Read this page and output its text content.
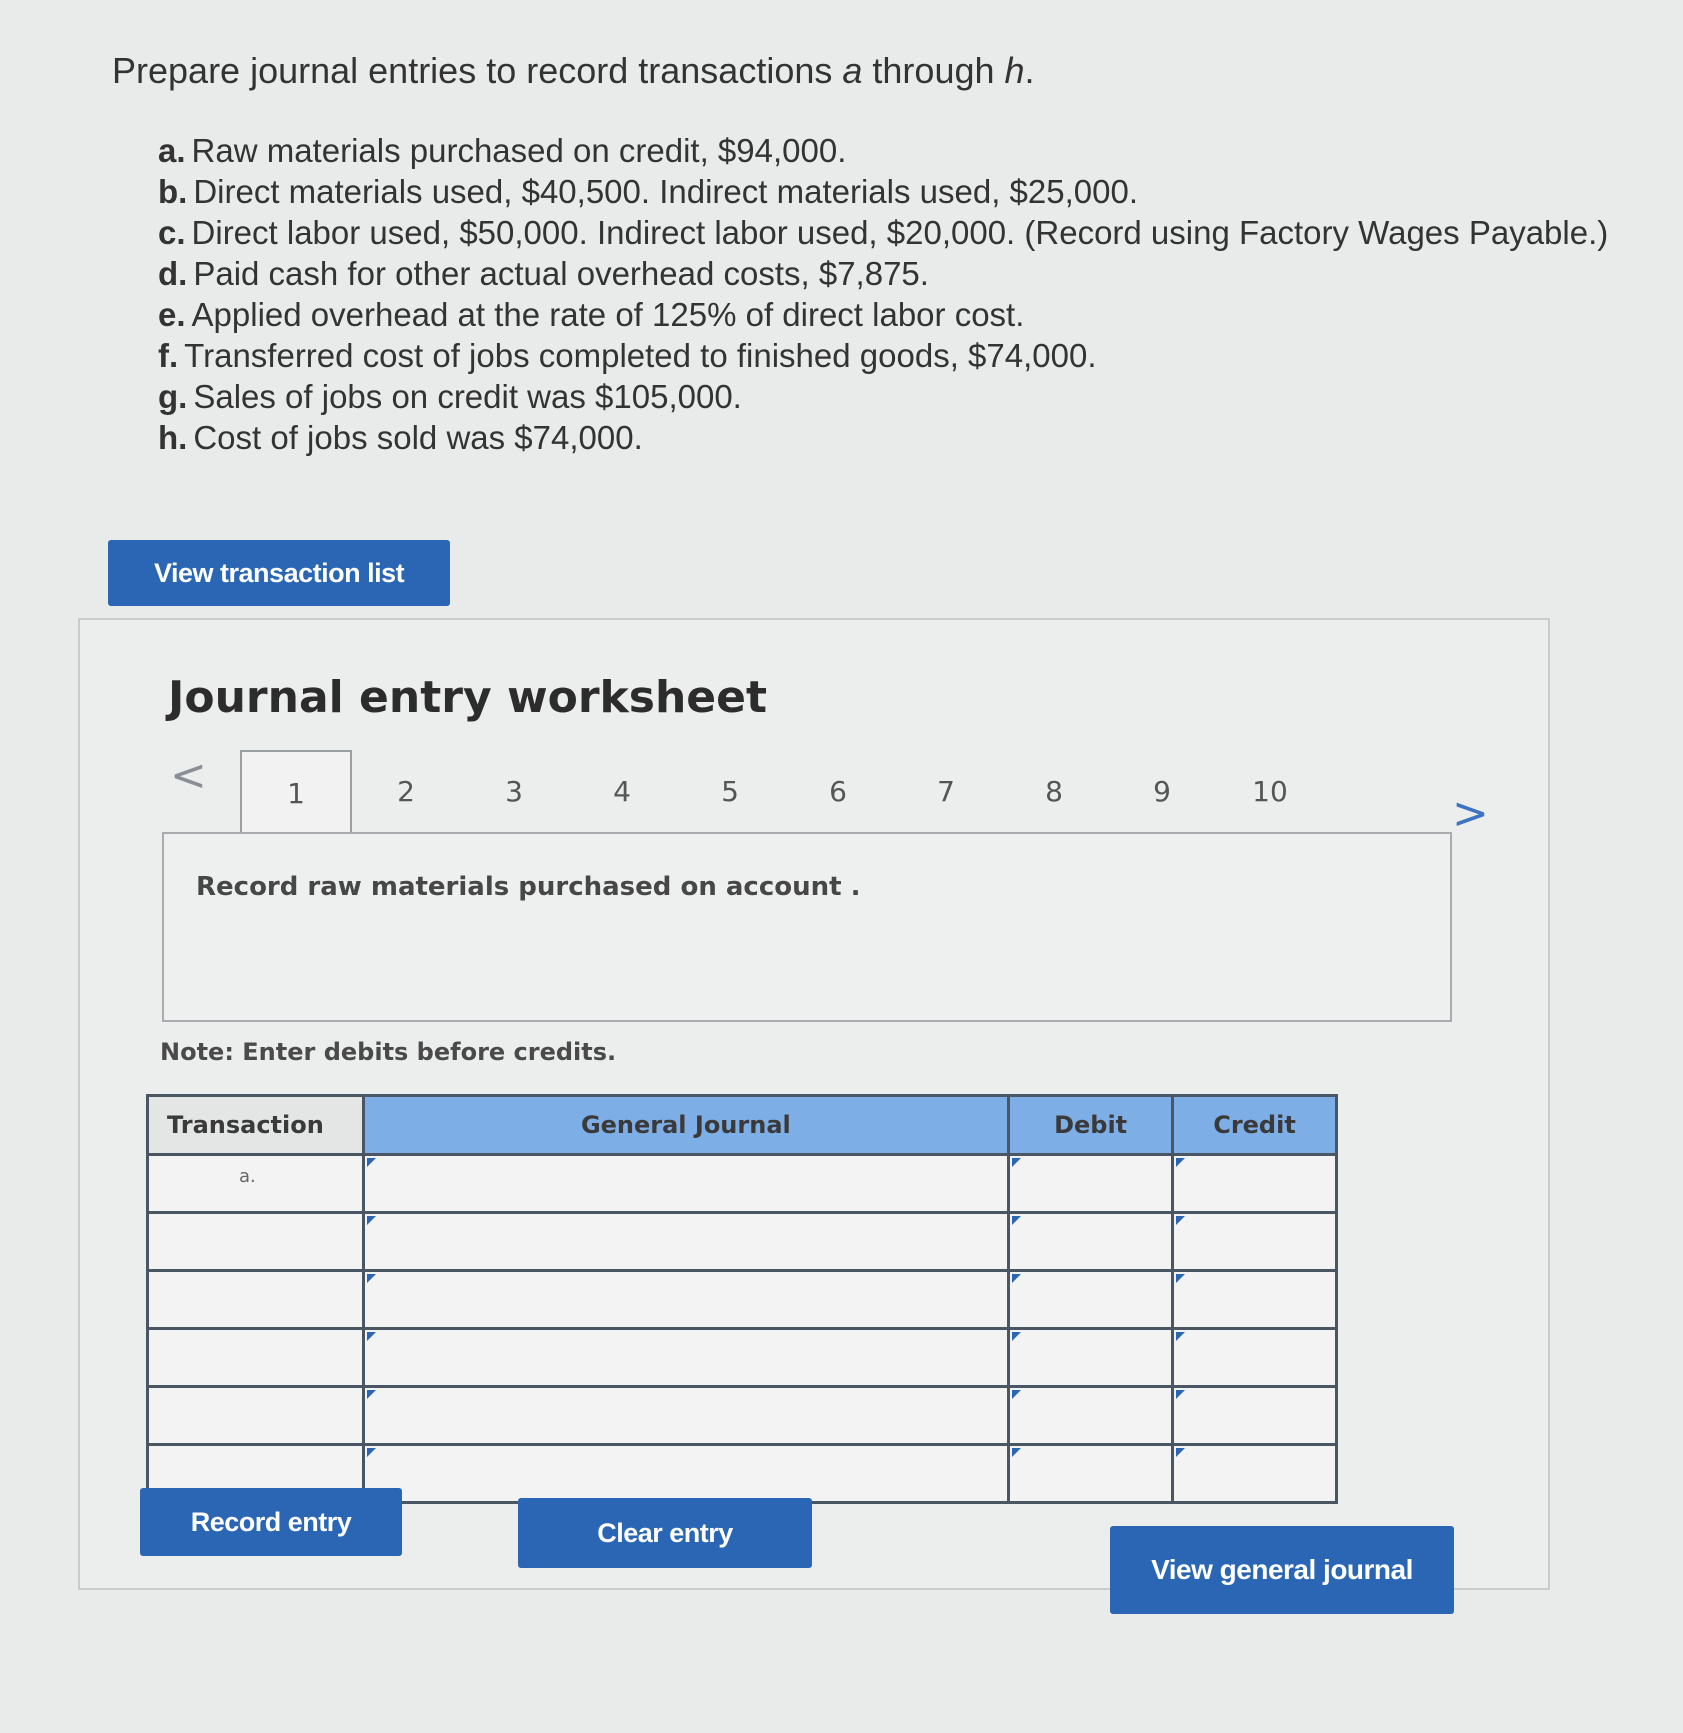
Prepare journal entries to record transactions a through h.

a. Raw materials purchased on credit, $94,000.
b. Direct materials used, $40,500. Indirect materials used, $25,000.
c. Direct labor used, $50,000. Indirect labor used, $20,000. (Record using Factory Wages Payable.)
d. Paid cash for other actual overhead costs, $7,875.
e. Applied overhead at the rate of 125% of direct labor cost.
f. Transferred cost of jobs completed to finished goods, $74,000.
g. Sales of jobs on credit was $105,000.
h. Cost of jobs sold was $74,000.
View transaction list
Journal entry worksheet
<	1	2	3	4	5	6	7	8	9	10	>
Record raw materials purchased on account .
Note: Enter debits before credits.
Transaction	General Journal	Debit	Credit
a.	

Record entry	Clear entry
View general journal
